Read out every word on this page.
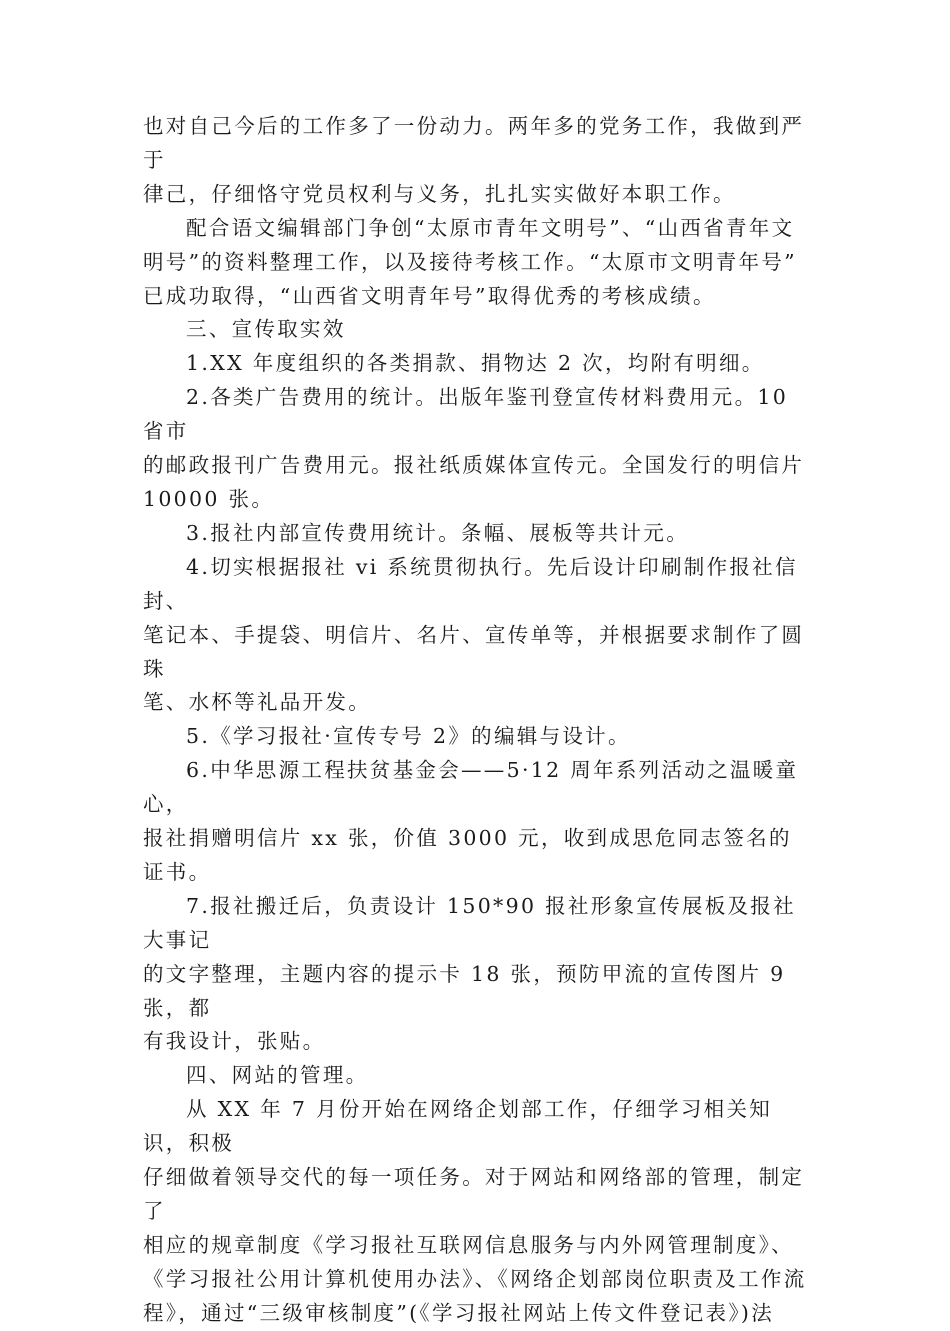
也对自己今后的工作多了一份动力。两年多的党务工作，我做到严于
律己，仔细恪守党员权利与义务，扎扎实实做好本职工作。

配合语文编辑部门争创“太原市青年文明号”、“山西省青年文
明号”的资料整理工作，以及接待考核工作。“太原市文明青年号”
已成功取得，“山西省文明青年号”取得优秀的考核成绩。

三、宣传取实效

1.XX 年度组织的各类捐款、捐物达 2 次，均附有明细。

2.各类广告费用的统计。出版年鉴刊登宣传材料费用元。10 省市
的邮政报刊广告费用元。报社纸质媒体宣传元。全国发行的明信片
10000 张。

3.报社内部宣传费用统计。条幅、展板等共计元。

4.切实根据报社 vi 系统贯彻执行。先后设计印刷制作报社信封、
笔记本、手提袋、明信片、名片、宣传单等，并根据要求制作了圆珠
笔、水杯等礼品开发。

5.《学习报社·宣传专号 2》的编辑与设计。

6.中华思源工程扶贫基金会——5·12 周年系列活动之温暖童心，
报社捐赠明信片 xx 张，价值 3000 元，收到成思危同志签名的证书。

7.报社搬迁后，负责设计 150*90 报社形象宣传展板及报社大事记
的文字整理，主题内容的提示卡 18 张，预防甲流的宣传图片 9 张，都
有我设计，张贴。

四、网站的管理。

从 XX 年 7 月份开始在网络企划部工作，仔细学习相关知识，积极
仔细做着领导交代的每一项任务。对于网站和网络部的管理，制定了
相应的规章制度《学习报社互联网信息服务与内外网管理制度》、
《学习报社公用计算机使用办法》、《网络企划部岗位职责及工作流
程》，通过“三级审核制度”(《学习报社网站上传文件登记表》)法
